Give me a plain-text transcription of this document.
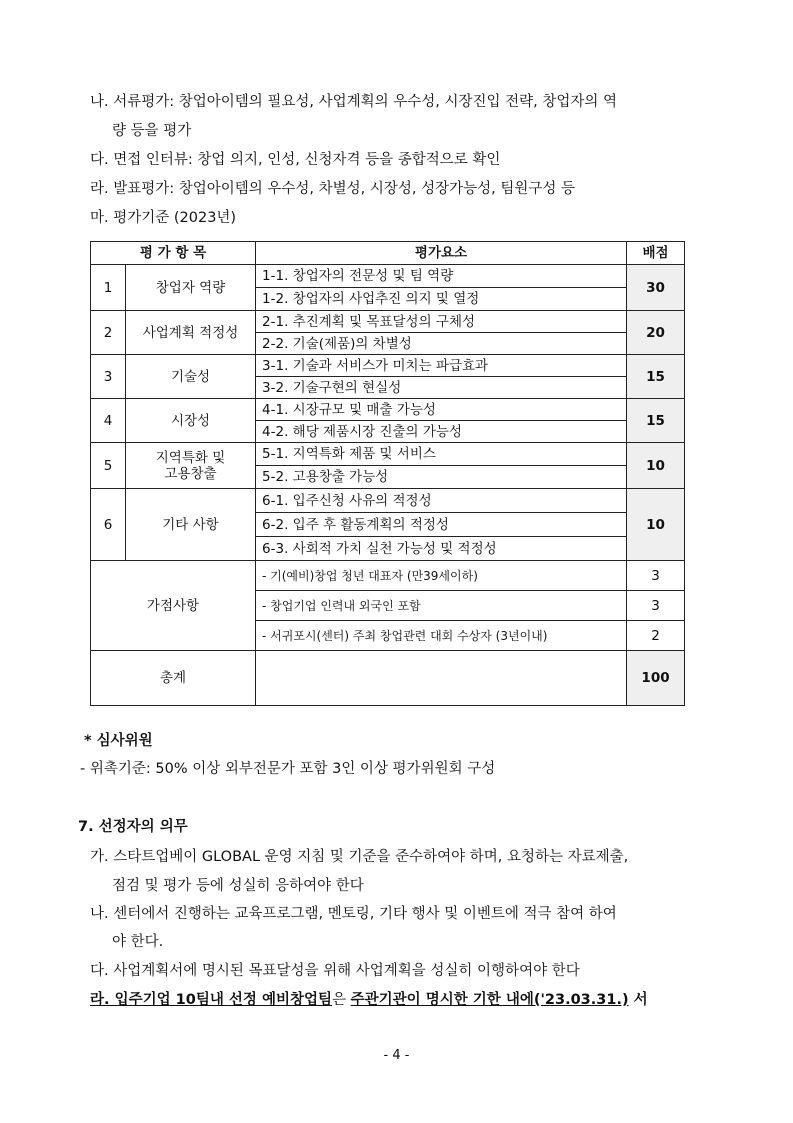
나. 서류평가: 창업아이템의 필요성, 사업계획의 우수성, 시장진입 전략, 창업자의 역
량 등을 평가
다. 면접 인터뷰: 창업 의지, 인성, 신청자격 등을 종합적으로 확인
라. 발표평가: 창업아이템의 우수성, 차별성, 시장성, 성장가능성, 팀원구성 등
마. 평가기준 (2023년)
평 가 항 목		평가요소	배점
1	창업자 역량	1-1. 창업자의 전문성 및 팀 역량	30
		1-2. 창업자의 사업추진 의지 및 열정	
2	사업계획 적정성	2-1. 추진계획 및 목표달성의 구체성	20
		2-2. 기술(제품)의 차별성	
3	기술성	3-1. 기술과 서비스가 미치는 파급효과	15
		3-2. 기술구현의 현실성	
4	시장성	4-1. 시장규모 및 매출 가능성	15
		4-2. 해당 제품시장 진출의 가능성	
5	지역특화 및
고용창출	5-1. 지역특화 제품 및 서비스	10
		5-2. 고용창출 가능성	
6	기타 사항	6-1. 입주신청 사유의 적정성	10
		6-2. 입주 후 활동계획의 적정성	
		6-3. 사회적 가치 실천 가능성 및 적정성	
가점사항		- 기(예비)창업 청년 대표자 (만39세이하)	3
		- 창업기업 인력내 외국인 포함	3
		- 서귀포시(센터) 주최 창업관련 대회 수상자 (3년이내)	2
총계			100
* 심사위원
- 위촉기준: 50% 이상 외부전문가 포함 3인 이상 평가위원회 구성
7. 선정자의 의무
가. 스타트업베이 GLOBAL 운영 지침 및 기준을 준수하여야 하며, 요청하는 자료제출,
점검 및 평가 등에 성실히 응하여야 한다
나. 센터에서 진행하는 교육프로그램, 멘토링, 기타 행사 및 이벤트에 적극 참여 하여
야 한다.
다. 사업계획서에 명시된 목표달성을 위해 사업계획을 성실히 이행하여야 한다
라. 입주기업 10팀내 선정 예비창업팀은 주관기관이 명시한 기한 내에('23.03.31.) 서
- 4 -
